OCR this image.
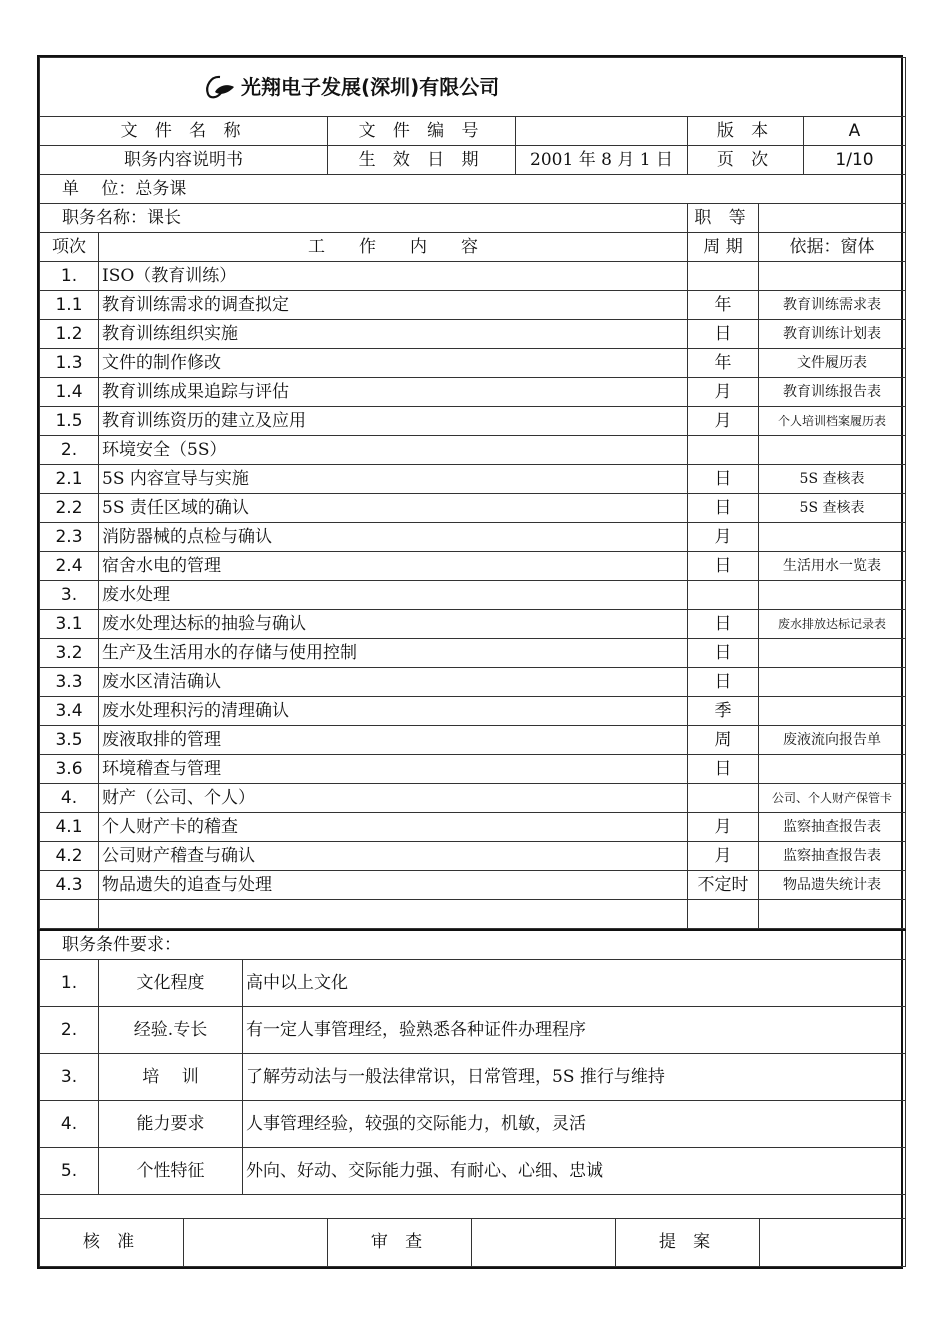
光翔电子发展(深圳)有限公司				

文 件 名 称	文 件 编 号		版 本	A
职务内容说明书	生 效 日 期	2001 年 8 月 1 日	页 次	1/10
单　 位：总务课			
职务名称：课长		职 等	
项次	工　　作　　内　　容	周 期	依据：窗体
1.	ISO（教育训练）		
1.1	教育训练需求的调查拟定	年	教育训练需求表
1.2	教育训练组织实施	日	教育训练计划表
1.3	文件的制作修改	年	文件履历表
1.4	教育训练成果追踪与评估	月	教育训练报告表
1.5	教育训练资历的建立及应用	月	个人培训档案履历表
2.	环境安全（5S）		
2.1	5S 内容宣导与实施	日	5S 查核表
2.2	5S 责任区域的确认	日	5S 查核表
2.3	消防器械的点检与确认	月	
2.4	宿舍水电的管理	日	生活用水一览表
3.	废水处理		
3.1	废水处理达标的抽验与确认	日	废水排放达标记录表
3.2	生产及生活用水的存储与使用控制	日	
3.3	废水区清洁确认	日	
3.4	废水处理积污的清理确认	季	
3.5	废液取排的管理	周	废液流向报告单
3.6	环境稽查与管理	日	
4.	财产（公司、个人）		公司、个人财产保管卡
4.1	个人财产卡的稽查	月	监察抽查报告表
4.2	公司财产稽查与确认	月	监察抽查报告表
4.3	物品遗失的追查与处理	不定时	物品遗失统计表

职务条件要求：		
1.	文化程度	高中以上文化
2.	经验.专长	有一定人事管理经，验熟悉各种证件办理程序
3.	培　 训	了解劳动法与一般法律常识，日常管理，5S 推行与维持
4.	能力要求	人事管理经验，较强的交际能力，机敏，灵活
5.	个性特征	外向、好动、交际能力强、有耐心、心细、忠诚

核 准		审 查		提 案	
